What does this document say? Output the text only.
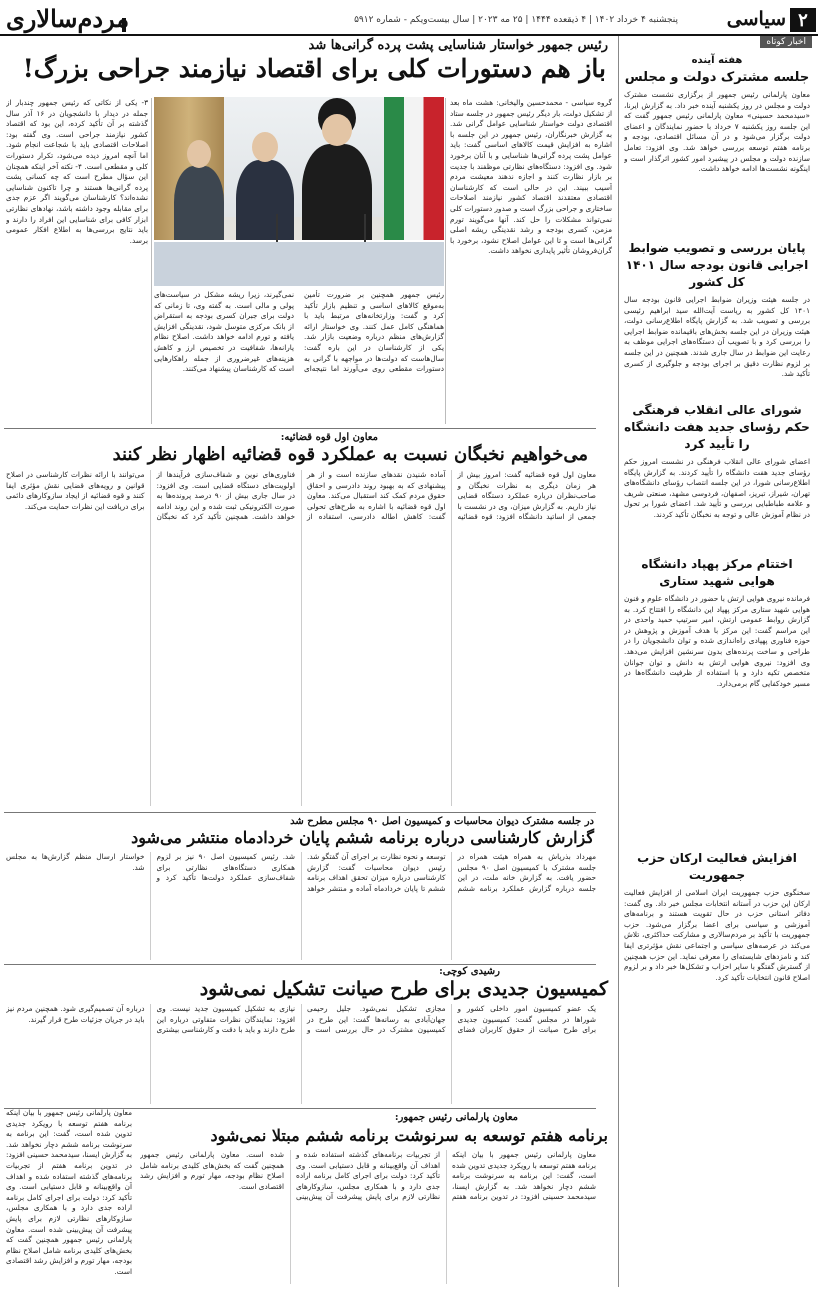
۲
سیاسی
پنجشنبه ۴ خرداد ۱۴۰۲ | ۴ ذیقعده ۱۴۴۴ | ۲۵ مه ۲۰۲۳ | سال بیست‌و‌یکم - شماره ۵۹۱۲
مردم‌سالاری
اخبار کوتاه
هفته آینده
جلسه مشترک دولت و مجلس
معاون پارلمانی رئیس جمهور از برگزاری نشست مشترک دولت و مجلس در روز یکشنبه آینده خبر داد. به گزارش ایرنا، «سیدمحمد حسینی» معاون پارلمانی رئیس جمهور گفت که این جلسه روز یکشنبه ۷ خرداد با حضور نمایندگان و اعضای دولت برگزار می‌شود و در آن مسائل اقتصادی، بودجه و برنامه هفتم توسعه بررسی خواهد شد. وی افزود: تعامل سازنده دولت و مجلس در پیشبرد امور کشور اثرگذار است و اینگونه نشست‌ها ادامه خواهد داشت.
پایان بررسی و تصویب ضوابط اجرایی قانون بودجه سال ۱۴۰۱ کل کشور
در جلسه هیئت وزیران ضوابط اجرایی قانون بودجه سال ۱۴۰۱ کل کشور به ریاست آیت‌الله سید ابراهیم رئیسی بررسی و تصویب شد. به گزارش پایگاه اطلاع‌رسانی دولت، هیئت وزیران در این جلسه بخش‌های باقیمانده ضوابط اجرایی را بررسی کرد و با تصویب آن دستگاه‌های اجرایی موظف به رعایت این ضوابط در سال جاری شدند. همچنین در این جلسه بر لزوم نظارت دقیق بر اجرای بودجه و جلوگیری از کسری تأکید شد.
شورای عالی انقلاب فرهنگی حکم رؤسای جدید هفت دانشگاه را تأیید کرد
اعضای شورای عالی انقلاب فرهنگی در نشست امروز حکم رؤسای جدید هفت دانشگاه را تأیید کردند. به گزارش پایگاه اطلاع‌رسانی شورا، در این جلسه انتصاب رؤسای دانشگاه‌های تهران، شیراز، تبریز، اصفهان، فردوسی مشهد، صنعتی شریف و علامه طباطبایی بررسی و تأیید شد. اعضای شورا بر تحول در نظام آموزش عالی و توجه به نخبگان تأکید کردند.
اختتام مرکز پهپاد دانشگاه هوایی شهید ستاری
فرمانده نیروی هوایی ارتش با حضور در دانشگاه علوم و فنون هوایی شهید ستاری مرکز پهپاد این دانشگاه را افتتاح کرد. به گزارش روابط عمومی ارتش، امیر سرتیپ حمید واحدی در این مراسم گفت: این مرکز با هدف آموزش و پژوهش در حوزه فناوری پهپادی راه‌اندازی شده و توان دانشجویان را در طراحی و ساخت پرنده‌های بدون سرنشین افزایش می‌دهد. وی افزود: نیروی هوایی ارتش به دانش و توان جوانان متخصص تکیه دارد و با استفاده از ظرفیت دانشگاه‌ها در مسیر خودکفایی گام برمی‌دارد.
افزایش فعالیت ارکان حزب جمهوریت
سخنگوی حزب جمهوریت ایران اسلامی از افزایش فعالیت ارکان این حزب در آستانه انتخابات مجلس خبر داد. وی گفت: دفاتر استانی حزب در حال تقویت هستند و برنامه‌های آموزشی و سیاسی برای اعضا برگزار می‌شود. حزب جمهوریت با تأکید بر مردم‌سالاری و مشارکت حداکثری، تلاش می‌کند در عرصه‌های سیاسی و اجتماعی نقش مؤثرتری ایفا کند و نامزدهای شایسته‌ای را معرفی نماید. این حزب همچنین از گسترش گفتگو با سایر احزاب و تشکل‌ها خبر داد و بر لزوم اصلاح قانون انتخابات تأکید کرد.
رئیس جمهور خواستار شناسایی پشت پرده گرانی‌ها شد
باز هم دستورات کلی برای اقتصاد نیازمند جراحی بزرگ!
گروه سیاسی - محمدحسین والیخانی: هشت ماه بعد از تشکیل دولت، بار دیگر رئیس جمهور در جلسه ستاد اقتصادی دولت خواستار شناسایی عوامل گرانی شد. به گزارش خبرنگاران، رئیس جمهور در این جلسه با اشاره به افزایش قیمت کالاهای اساسی گفت: باید عوامل پشت پرده گرانی‌ها شناسایی و با آنان برخورد شود. وی افزود: دستگاه‌های نظارتی موظفند با جدیت بر بازار نظارت کنند و اجازه ندهند معیشت مردم آسیب ببیند. این در حالی است که کارشناسان اقتصادی معتقدند اقتصاد کشور نیازمند اصلاحات ساختاری و جراحی بزرگ است و صدور دستورات کلی نمی‌تواند مشکلات را حل کند. آنها می‌گویند تورم مزمن، کسری بودجه و رشد نقدینگی ریشه اصلی گرانی‌ها است و تا این عوامل اصلاح نشود، برخورد با گران‌فروشان تأثیر پایداری نخواهد داشت.
رئیس جمهور همچنین بر ضرورت تأمین به‌موقع کالاهای اساسی و تنظیم بازار تأکید کرد و گفت: وزارتخانه‌های مرتبط باید با هماهنگی کامل عمل کنند. وی خواستار ارائه گزارش‌های منظم درباره وضعیت بازار شد. یکی از کارشناسان در این باره گفت: سال‌هاست که دولت‌ها در مواجهه با گرانی به دستورات مقطعی روی می‌آورند اما نتیجه‌ای نمی‌گیرند، زیرا ریشه مشکل در سیاست‌های پولی و مالی است. به گفته وی، تا زمانی که دولت برای جبران کسری بودجه به استقراض از بانک مرکزی متوسل شود، نقدینگی افزایش یافته و تورم ادامه خواهد داشت. اصلاح نظام یارانه‌ها، شفافیت در تخصیص ارز و کاهش هزینه‌های غیرضروری از جمله راهکارهایی است که کارشناسان پیشنهاد می‌کنند.
۳- یکی از نکاتی که رئیس جمهور چندبار از جمله در دیدار با دانشجویان در ۱۶ آذر سال گذشته بر آن تأکید کرده، این بود که اقتصاد کشور نیازمند جراحی است. وی گفته بود: اصلاحات اقتصادی باید با شجاعت انجام شود. اما آنچه امروز دیده می‌شود، تکرار دستورات کلی و مقطعی است. ۴- نکته آخر اینکه همچنان این سؤال مطرح است که چه کسانی پشت پرده گرانی‌ها هستند و چرا تاکنون شناسایی نشده‌اند؟ کارشناسان می‌گویند اگر عزم جدی برای مقابله وجود داشته باشد، نهادهای نظارتی ابزار کافی برای شناسایی این افراد را دارند و باید نتایج بررسی‌ها به اطلاع افکار عمومی برسد.
معاون اول قوه قضائیه:
می‌خواهیم نخبگان نسبت به عملکرد قوه قضائیه اظهار نظر کنند
معاون اول قوه قضائیه گفت: امروز بیش از هر زمان دیگری به نظرات نخبگان و صاحب‌نظران درباره عملکرد دستگاه قضایی نیاز داریم. به گزارش میزان، وی در نشست با جمعی از اساتید دانشگاه افزود: قوه قضائیه آماده شنیدن نقدهای سازنده است و از هر پیشنهادی که به بهبود روند دادرسی و احقاق حقوق مردم کمک کند استقبال می‌کند. معاون اول قوه قضائیه با اشاره به طرح‌های تحولی گفت: کاهش اطاله دادرسی، استفاده از فناوری‌های نوین و شفاف‌سازی فرآیندها از اولویت‌های دستگاه قضایی است. وی افزود: در سال جاری بیش از ۹۰ درصد پرونده‌ها به صورت الکترونیکی ثبت شده و این روند ادامه خواهد داشت. همچنین تأکید کرد که نخبگان می‌توانند با ارائه نظرات کارشناسی در اصلاح قوانین و رویه‌های قضایی نقش مؤثری ایفا کنند و قوه قضائیه از ایجاد سازوکارهای دائمی برای دریافت این نظرات حمایت می‌کند.
در جلسه مشترک دیوان محاسبات و کمیسیون اصل ۹۰ مجلس مطرح شد
گزارش کارشناسی درباره برنامه ششم پایان خردادماه منتشر می‌شود
مهرداد بذرپاش به همراه هیئت همراه در جلسه مشترک با کمیسیون اصل ۹۰ مجلس حضور یافت. به گزارش خانه ملت، در این جلسه درباره گزارش عملکرد برنامه ششم توسعه و نحوه نظارت بر اجرای آن گفتگو شد. رئیس دیوان محاسبات گفت: گزارش کارشناسی درباره میزان تحقق اهداف برنامه ششم تا پایان خردادماه آماده و منتشر خواهد شد. رئیس کمیسیون اصل ۹۰ نیز بر لزوم همکاری دستگاه‌های نظارتی برای شفاف‌سازی عملکرد دولت‌ها تأکید کرد و خواستار ارسال منظم گزارش‌ها به مجلس شد.
رشیدی کوچی:
کمیسیون جدیدی برای طرح صیانت تشکیل نمی‌شود
یک عضو کمیسیون امور داخلی کشور و شوراها در مجلس گفت: کمیسیون جدیدی برای طرح صیانت از حقوق کاربران فضای مجازی تشکیل نمی‌شود. جلیل رحیمی جهان‌آبادی به رسانه‌ها گفت: این طرح در کمیسیون مشترک در حال بررسی است و نیازی به تشکیل کمیسیون جدید نیست. وی افزود: نمایندگان نظرات متفاوتی درباره این طرح دارند و باید با دقت و کارشناسی بیشتری درباره آن تصمیم‌گیری شود. همچنین مردم نیز باید در جریان جزئیات طرح قرار گیرند.
معاون پارلمانی رئیس جمهور:
برنامه هفتم توسعه به سرنوشت برنامه ششم مبتلا نمی‌شود
معاون پارلمانی رئیس جمهور با بیان اینکه برنامه هفتم توسعه با رویکرد جدیدی تدوین شده است، گفت: این برنامه به سرنوشت برنامه ششم دچار نخواهد شد. به گزارش ایسنا، سیدمحمد حسینی افزود: در تدوین برنامه هفتم از تجربیات برنامه‌های گذشته استفاده شده و اهداف آن واقع‌بینانه و قابل دستیابی است. وی تأکید کرد: دولت برای اجرای کامل برنامه اراده جدی دارد و با همکاری مجلس، سازوکارهای نظارتی لازم برای پایش پیشرفت آن پیش‌بینی شده است. معاون پارلمانی رئیس جمهور همچنین گفت که بخش‌های کلیدی برنامه شامل اصلاح نظام بودجه، مهار تورم و افزایش رشد اقتصادی است.
معاون پارلمانی رئیس جمهور با بیان اینکه برنامه هفتم توسعه با رویکرد جدیدی تدوین شده است، گفت: این برنامه به سرنوشت برنامه ششم دچار نخواهد شد. به گزارش ایسنا، سیدمحمد حسینی افزود: در تدوین برنامه هفتم از تجربیات برنامه‌های گذشته استفاده شده و اهداف آن واقع‌بینانه و قابل دستیابی است. وی تأکید کرد: دولت برای اجرای کامل برنامه اراده جدی دارد و با همکاری مجلس، سازوکارهای نظارتی لازم برای پایش پیشرفت آن پیش‌بینی شده است. معاون پارلمانی رئیس جمهور همچنین گفت که بخش‌های کلیدی برنامه شامل اصلاح نظام بودجه، مهار تورم و افزایش رشد اقتصادی است.
